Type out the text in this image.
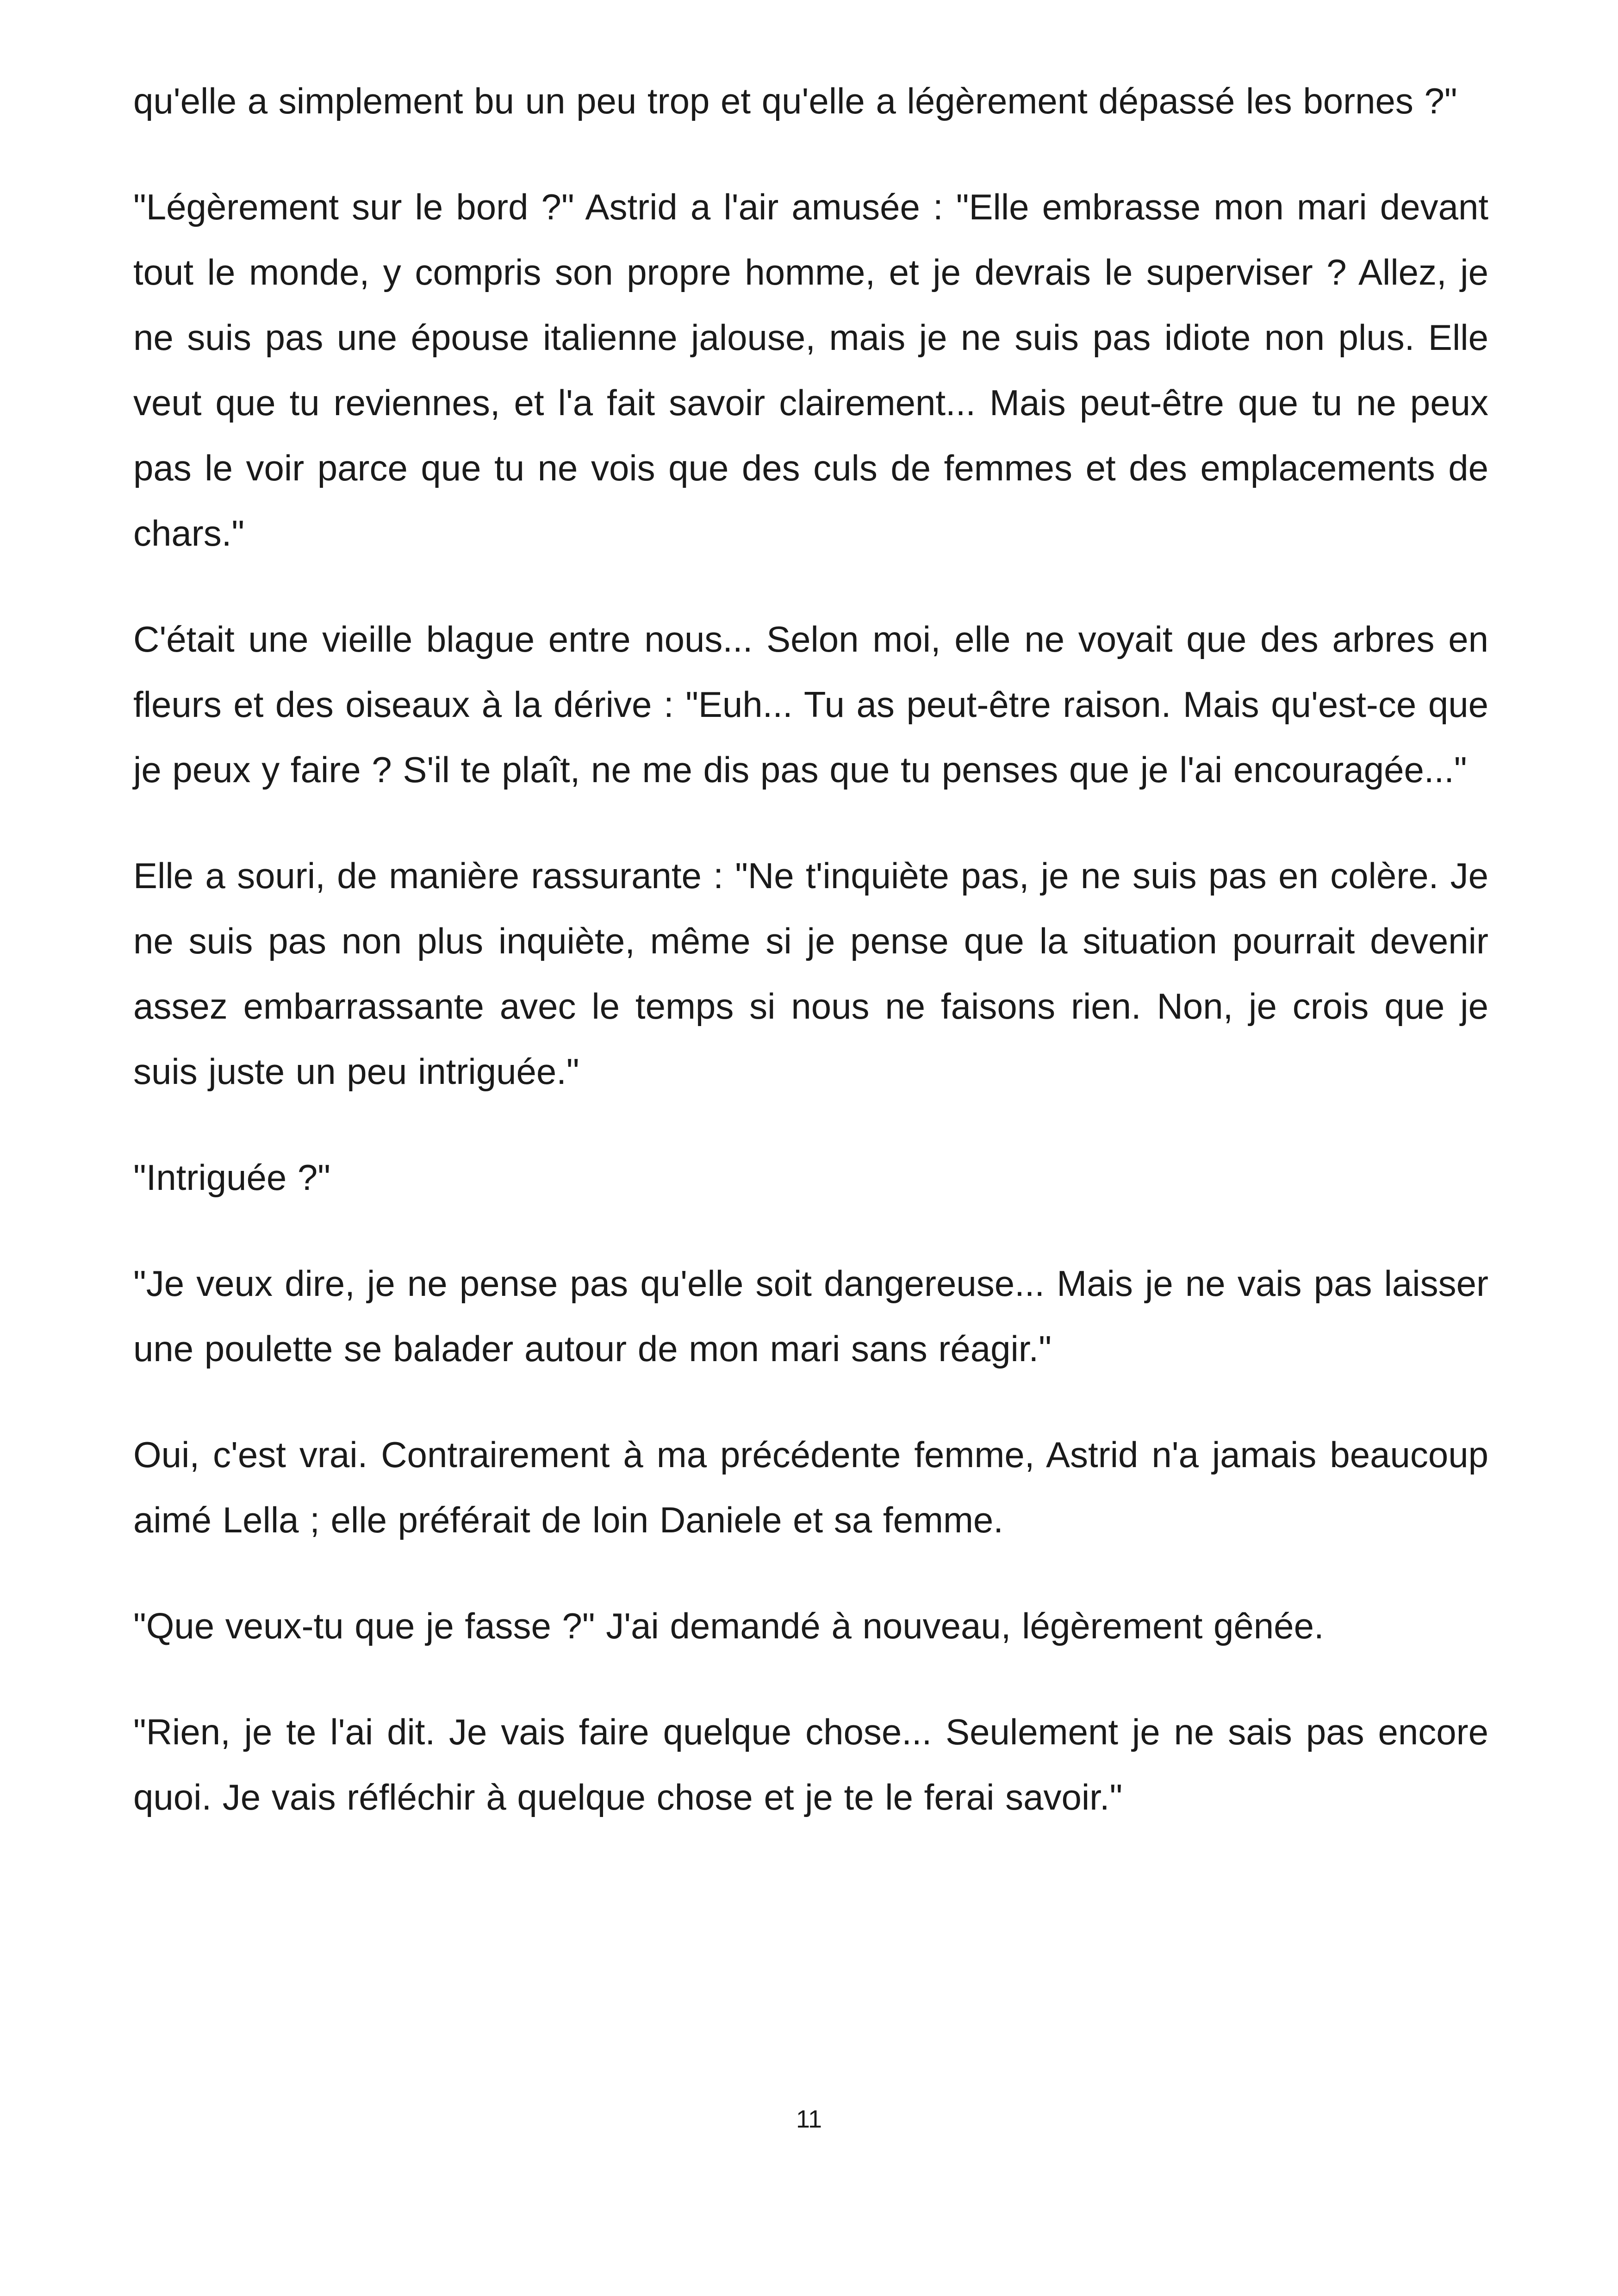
qu'elle a simplement bu un peu trop et qu'elle a légèrement dépassé les bornes ?"

"Légèrement sur le bord ?" Astrid a l'air amusée : "Elle embrasse mon mari devant tout le monde, y compris son propre homme, et je devrais le superviser ? Allez, je ne suis pas une épouse italienne jalouse, mais je ne suis pas idiote non plus. Elle veut que tu reviennes, et l'a fait savoir clairement... Mais peut-être que tu ne peux pas le voir parce que tu ne vois que des culs de femmes et des emplacements de chars."

C'était une vieille blague entre nous... Selon moi, elle ne voyait que des arbres en fleurs et des oiseaux à la dérive : "Euh... Tu as peut-être raison. Mais qu'est-ce que je peux y faire ? S'il te plaît, ne me dis pas que tu penses que je l'ai encouragée..."

Elle a souri, de manière rassurante : "Ne t'inquiète pas, je ne suis pas en colère. Je ne suis pas non plus inquiète, même si je pense que la situation pourrait devenir assez embarrassante avec le temps si nous ne faisons rien. Non, je crois que je suis juste un peu intriguée."

"Intriguée ?"

"Je veux dire, je ne pense pas qu'elle soit dangereuse... Mais je ne vais pas laisser une poulette se balader autour de mon mari sans réagir."

Oui, c'est vrai. Contrairement à ma précédente femme, Astrid n'a jamais beaucoup aimé Lella ; elle préférait de loin Daniele et sa femme.

"Que veux-tu que je fasse ?" J'ai demandé à nouveau, légèrement gênée.

"Rien, je te l'ai dit. Je vais faire quelque chose... Seulement je ne sais pas encore quoi. Je vais réfléchir à quelque chose et je te le ferai savoir."

11
